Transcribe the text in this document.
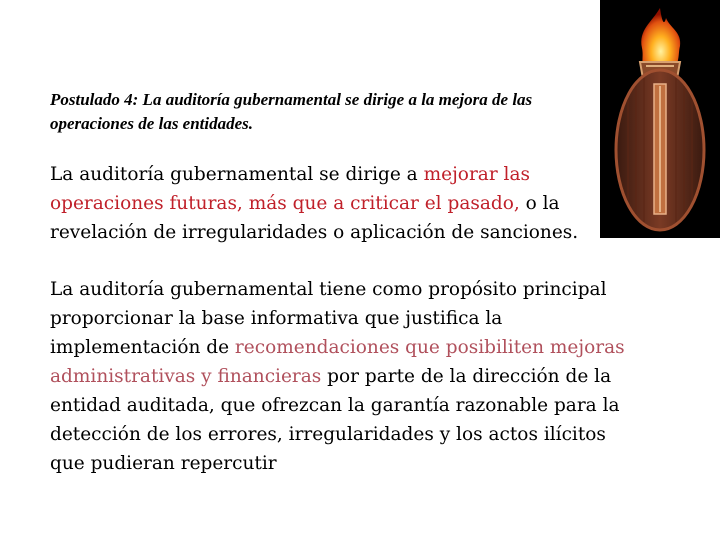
Postulado 4: La auditoría gubernamental se dirige a la mejora de las
operaciones de las entidades.

La auditoría gubernamental se dirige a mejorar las
operaciones futuras, más que a criticar el pasado, o la
revelación de irregularidades o aplicación de sanciones.

La auditoría gubernamental tiene como propósito principal
proporcionar la base informativa que justifica la
implementación de recomendaciones que posibiliten mejoras
administrativas y financieras por parte de la dirección de la
entidad auditada, que ofrezcan la garantía razonable para la
detección de los errores, irregularidades y los actos ilícitos
que pudieran repercutir
